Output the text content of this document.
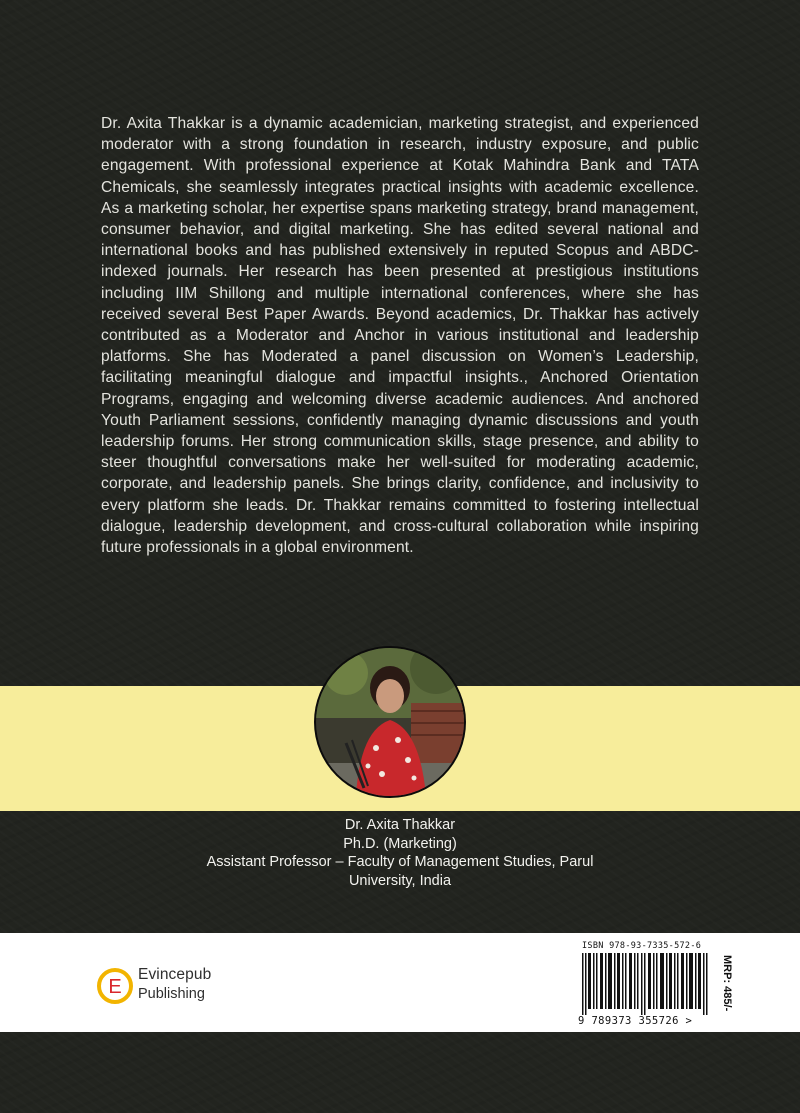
Dr. Axita Thakkar is a dynamic academician, marketing strategist, and experienced moderator with a strong foundation in research, industry exposure, and public engagement. With professional experience at Kotak Mahindra Bank and TATA Chemicals, she seamlessly integrates practical insights with academic excellence. As a marketing scholar, her expertise spans marketing strategy, brand management, consumer behavior, and digital marketing. She has edited several national and international books and has published extensively in reputed Scopus and ABDC-indexed journals. Her research has been presented at prestigious institutions including IIM Shillong and multiple international conferences, where she has received several Best Paper Awards. Beyond academics, Dr. Thakkar has actively contributed as a Moderator and Anchor in various institutional and leadership platforms. She has Moderated a panel discussion on Women’s Leadership, facilitating meaningful dialogue and impactful insights., Anchored Orientation Programs, engaging and welcoming diverse academic audiences. And anchored Youth Parliament sessions, confidently managing dynamic discussions and youth leadership forums. Her strong communication skills, stage presence, and ability to steer thoughtful conversations make her well-suited for moderating academic, corporate, and leadership panels. She brings clarity, confidence, and inclusivity to every platform she leads. Dr. Thakkar remains committed to fostering intellectual dialogue, leadership development, and cross-cultural collaboration while inspiring future professionals in a global environment.

Dr. Axita Thakkar
Ph.D. (Marketing)
Assistant Professor – Faculty of Management Studies, Parul University, India
E
Evincepub
Publishing
ISBN 978-93-7335-572-6
9 789373 355726 >
MRP: 485/-
